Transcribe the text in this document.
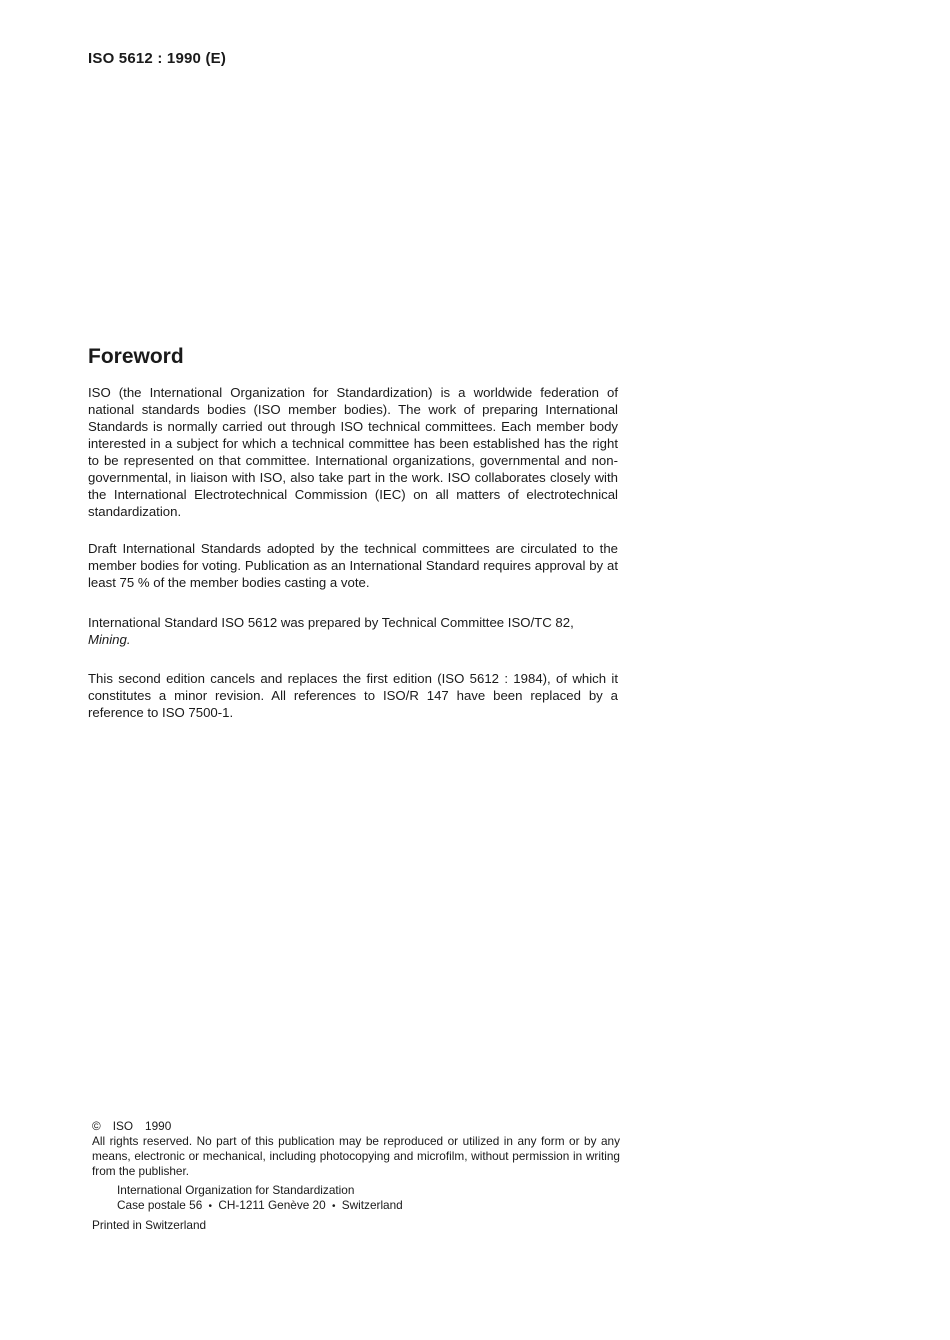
ISO 5612 : 1990 (E)
Foreword

ISO (the International Organization for Standardization) is a worldwide federation of national standards bodies (ISO member bodies). The work of preparing International Standards is normally carried out through ISO technical committees. Each member body interested in a subject for which a technical committee has been established has the right to be represented on that committee. International organizations, governmental and non-governmental, in liaison with ISO, also take part in the work. ISO collaborates closely with the International Electrotechnical Commission (IEC) on all matters of electrotechnical standardization.

Draft International Standards adopted by the technical committees are circulated to the member bodies for voting. Publication as an International Standard requires approval by at least 75 % of the member bodies casting a vote.

International Standard ISO 5612 was prepared by Technical Committee ISO/TC 82,
Mining.

This second edition cancels and replaces the first edition (ISO 5612 : 1984), of which it constitutes a minor revision. All references to ISO/R 147 have been replaced by a reference to ISO 7500-1.

© ISO 1990
All rights reserved. No part of this publication may be reproduced or utilized in any form or by any means, electronic or mechanical, including photocopying and microfilm, without permission in writing from the publisher.
International Organization for Standardization
Case postale 56 • CH-1211 Genève 20 • Switzerland
Printed in Switzerland
